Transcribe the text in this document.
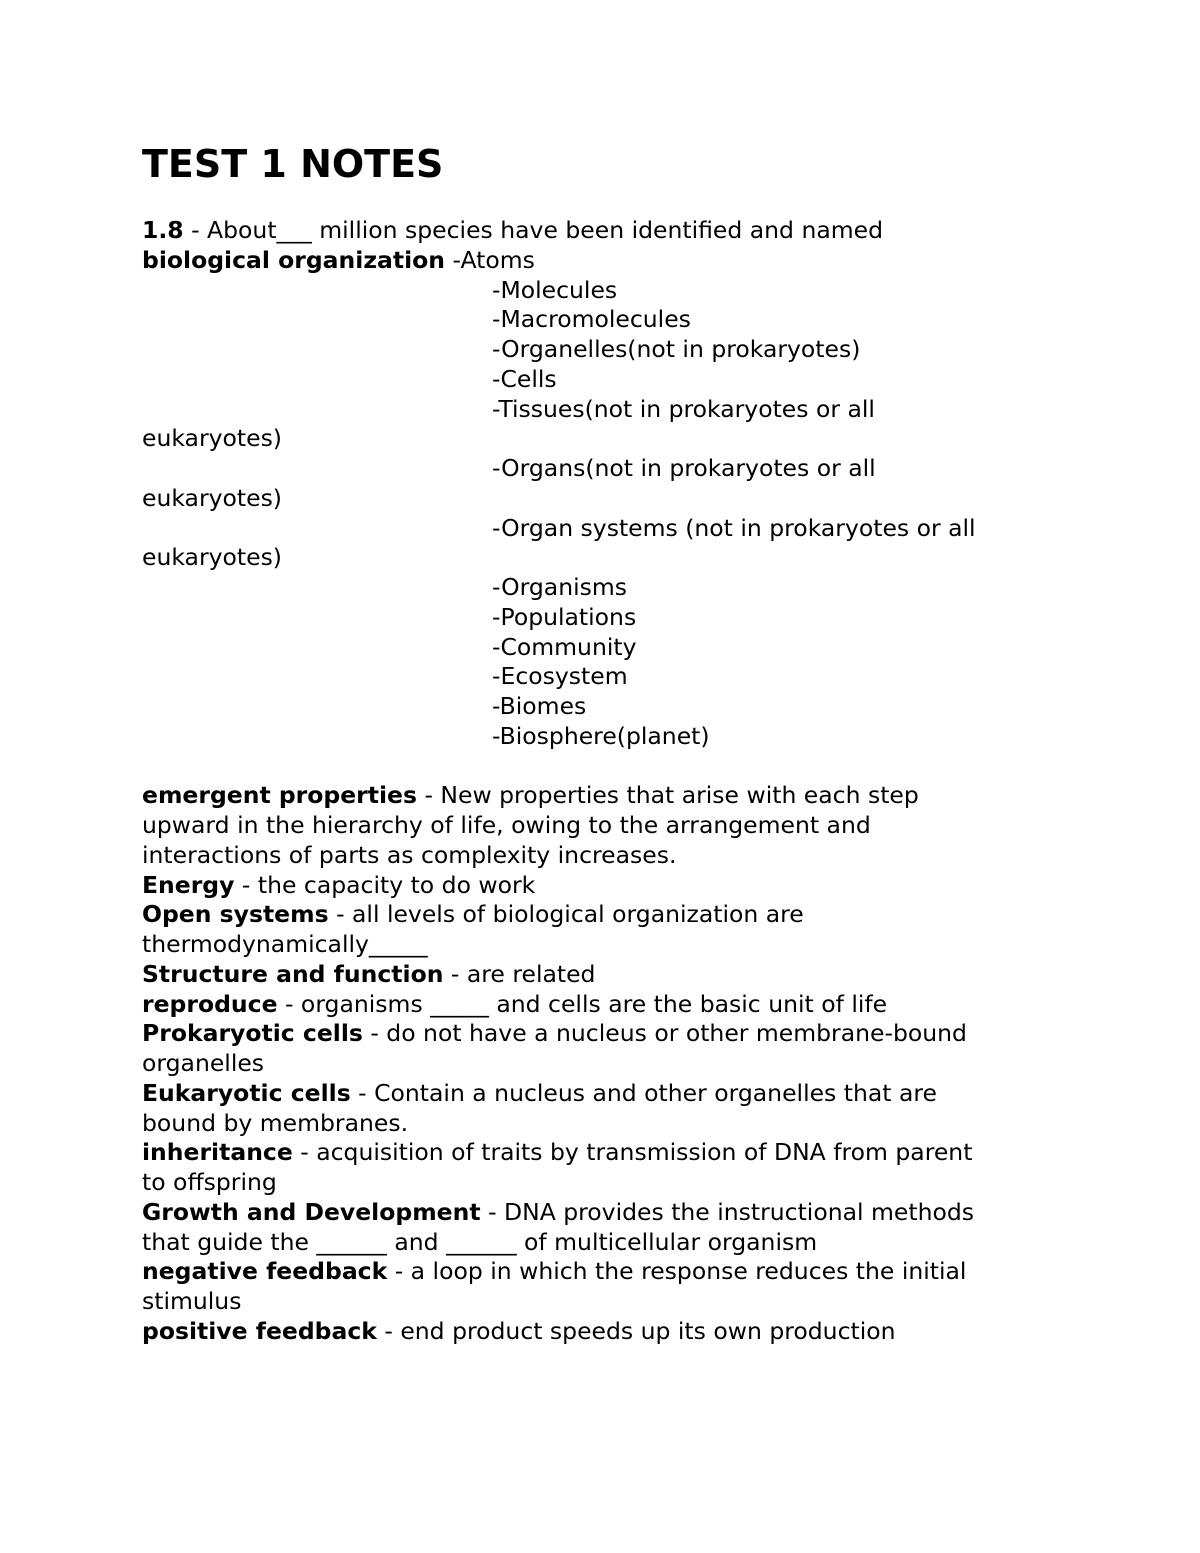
TEST 1 NOTES
1.8 - About___ million species have been identified and named
biological organization -Atoms
-Molecules
-Macromolecules
-Organelles(not in prokaryotes)
-Cells
-Tissues(not in prokaryotes or all
eukaryotes)
-Organs(not in prokaryotes or all
eukaryotes)
-Organ systems (not in prokaryotes or all
eukaryotes)
-Organisms
-Populations
-Community
-Ecosystem
-Biomes
-Biosphere(planet)
emergent properties - New properties that arise with each step
upward in the hierarchy of life, owing to the arrangement and
interactions of parts as complexity increases.
Energy - the capacity to do work
Open systems - all levels of biological organization are
thermodynamically_____
Structure and function - are related
reproduce - organisms _____ and cells are the basic unit of life
Prokaryotic cells - do not have a nucleus or other membrane-bound
organelles
Eukaryotic cells - Contain a nucleus and other organelles that are
bound by membranes.
inheritance - acquisition of traits by transmission of DNA from parent
to offspring
Growth and Development - DNA provides the instructional methods
that guide the ______ and ______ of multicellular organism
negative feedback - a loop in which the response reduces the initial
stimulus
positive feedback - end product speeds up its own production
